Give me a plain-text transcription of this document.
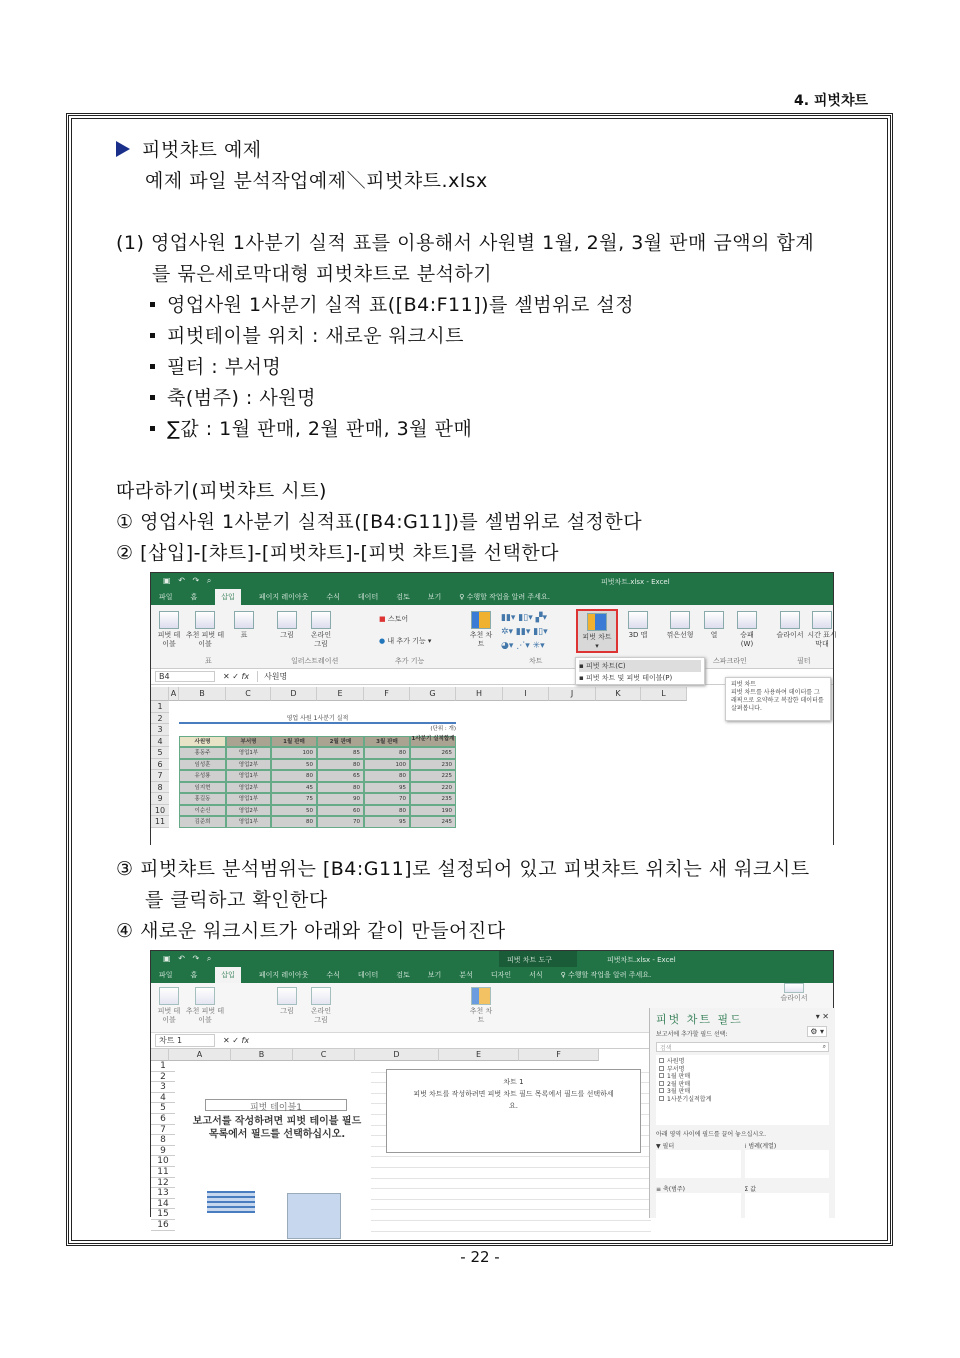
4. 피벗챠트
피벗챠트 예제
예제 파일 분석작업예제＼피벗챠트.xlsx
(1) 영업사원 1사분기 실적 표를 이용해서 사원별 1월, 2월, 3월 판매 금액의 합계
를 묶은세로막대형 피벗챠트로 분석하기
영업사원 1사분기 실적 표([B4:F11])를 셀범위로 설정
피벗테이블 위치 : 새로운 워크시트
필터 : 부서명
축(범주) : 사원명
∑값 : 1월 판매, 2월 판매, 3월 판매
따라하기(피벗챠트 시트)
① 영업사원 1사분기 실적표([B4:G11])를 셀범위로 설정한다
② [삽입]-[챠트]-[피벗챠트]-[피벗 챠트]를 선택한다
③ 피벗챠트 분석범위는 [B4:G11]로 설정되어 있고 피벗챠트 위치는 새 워크시트
를 클릭하고 확인한다
④ 새로운 워크시트가 아래와 같이 만들어진다
▣   ↶   ↷   ⌕	피벗차트.xlsx - Excel
파일	홈	삽입	페이지 레이아웃	수식	데이터	검토	보기	♀ 수행할 작업을 알려 주세요.
피벗 테이블
추천 피벗 테이블
표	그림	온라인 그림
■ 스토어
● 내 추가 기능 ▾
추천 차트
▮▮▾ ▮▯▾ ▞▾
✲▾ ▮▮▾ ▮▯▾
◕▾ ⋰▾ ✳▾
피벗 차트
▾
3D 맵	꺾은선형	열	승패 (W)
슬라이서 시간 표시 막대
표	일러스트레이션	추가 기능	차트	스파크라인	필터
B4	✕ ✓ fx	사원명
A	B	C	D	E	F	G	H	I	J	K	L
1
2
3
4
5
6
7
8
9
10
11
영업 사원 1사분기 실적
(단위 : 개)
사원명	부서명	1월 판매	2월 판매	3월 판매	1사분기 실적합계
홍동주	영업1부	100	85	80	265
임성훈	영업2부	50	80	100	230
유성룡	영업1부	80	65	80	225
임지현	영업2부	45	80	95	220
홍길동	영업1부	75	90	70	235
이순신	영업2부	50	60	80	190
김준희	영업1부	80	70	95	245
▪ 피벗 차트(C)
▪ 피벗 차트 및 피벗 테이블(P)
피벗 차트
피벗 차트를 사용하여 데이터를 그래픽으로 요약하고 복잡한 데이터를 살펴봅니다.
▣   ↶   ↷   ⌕	피벗 차트 도구	피벗차트.xlsx - Excel
파일	홈	삽입	페이지 레이아웃	수식	데이터	검토	보기	분석	디자인	서식	♀ 수행할 작업을 알려 주세요.
피벗 테이블
추천 피벗 테이블
그림	온라인 그림
추천 차트
슬라이서
차트 1	✕ ✓ fx
피벗 테이블1
보고서를 작성하려면 피벗 테이블 필드 목록에서 필드를 선택하십시오.
차트 1
피벗 차트를 작성하려면 피벗 차트 필드 목록에서 필드를 선택하세요.
A	B	C	D	E	F
1
2
3
4
5
6
7
8
9
10
11
12
13
14
15
16
피벗 차트 필드	▾ ✕
보고서에 추가할 필드 선택:	⚙ ▾
검색	⌕
사원명
부서명
1월 판매
2월 판매
3월 판매
1사분기실적합계
아래 영역 사이에 필드를 끌어 놓으십시오.
▼ 필터	⁞ 범례(계열)
≡ 축(범주)	Σ 값
- 22 -
